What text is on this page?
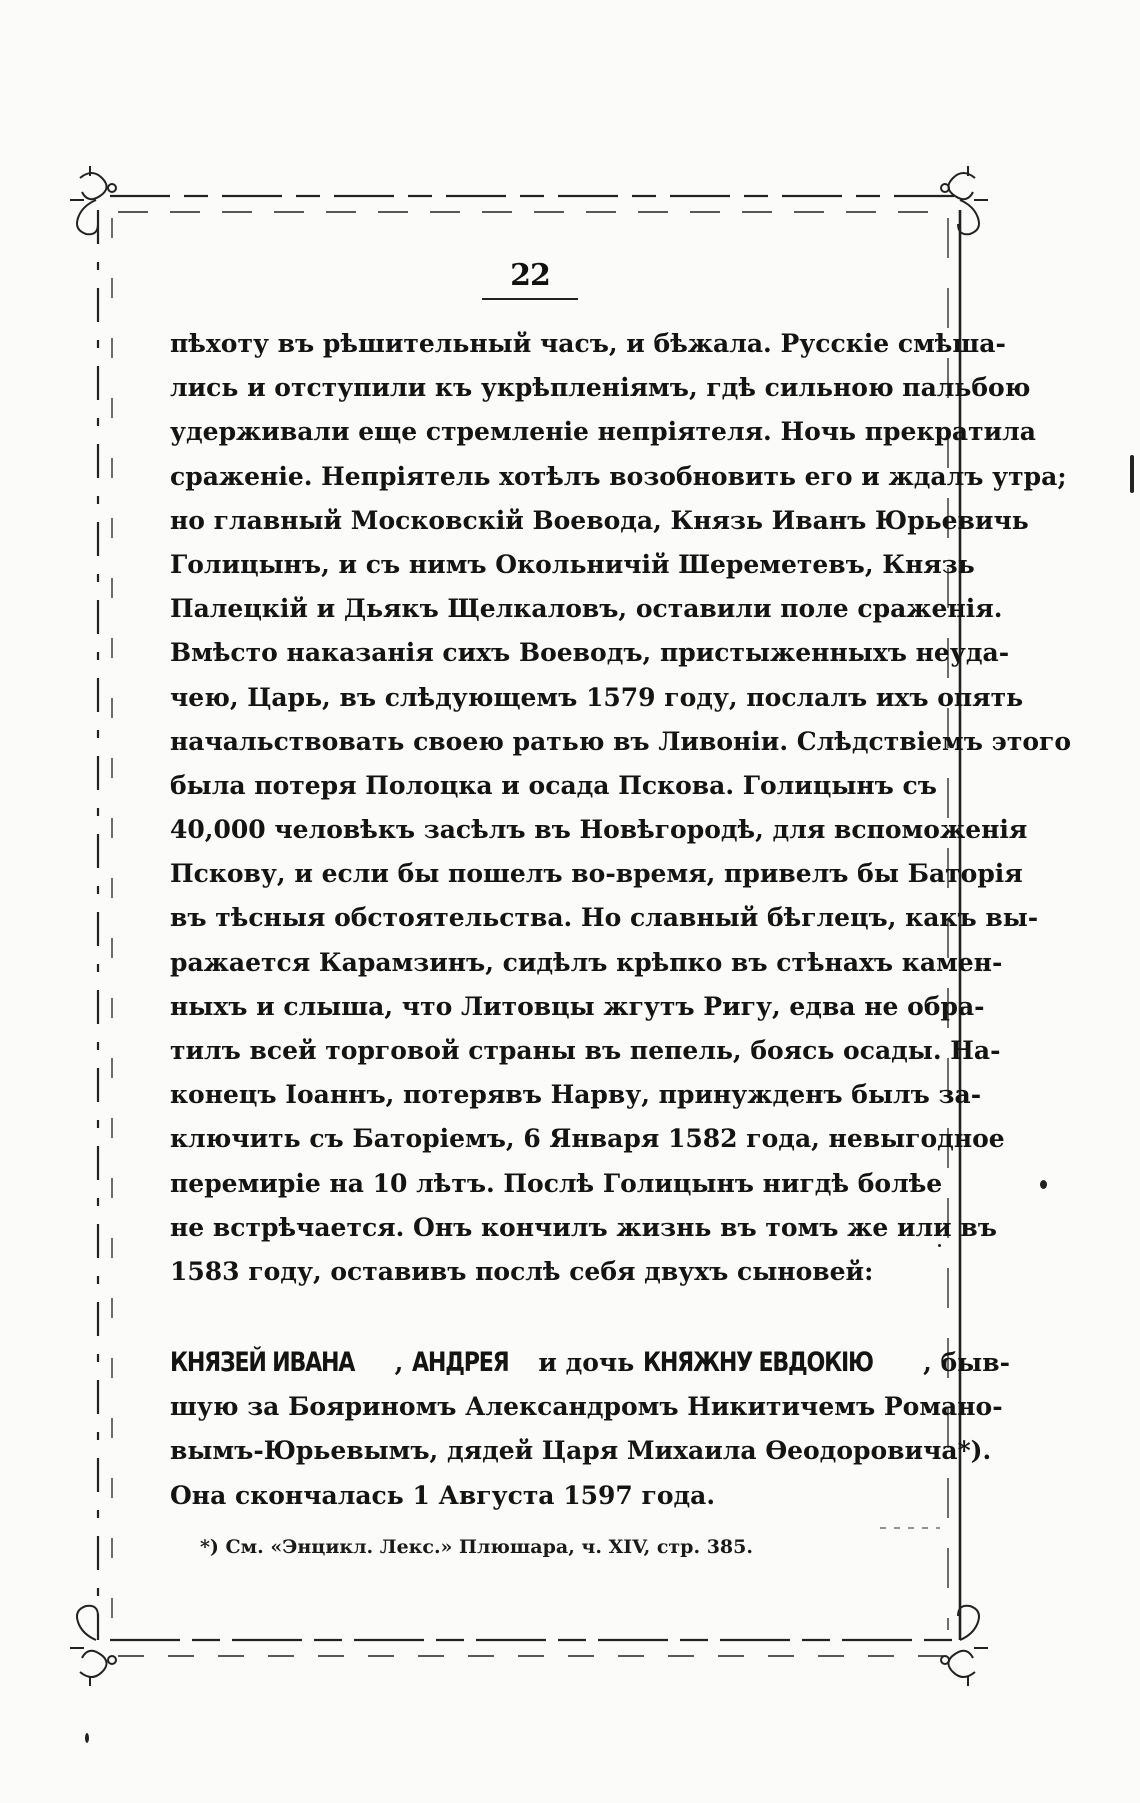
22
пѣхоту въ рѣшительный часъ, и бѣжала. Русскіе смѣша-
лись и отступили къ укрѣпленіямъ, гдѣ сильною пальбою
удерживали еще стремленіе непріятеля. Ночь прекратила
сраженіе. Непріятель хотѣлъ возобновить его и ждалъ утра;
но главный Московскій Воевода, Князь Иванъ Юрьевичь
Голицынъ, и съ нимъ Окольничій Шереметевъ, Князь
Палецкій и Дьякъ Щелкаловъ, оставили поле сраженія.
Вмѣсто наказанія сихъ Воеводъ, пристыженныхъ неуда-
чею, Царь, въ слѣдующемъ 1579 году, послалъ ихъ опять
начальствовать своею ратью въ Ливоніи. Слѣдствіемъ этого
была потеря Полоцка и осада Пскова. Голицынъ съ
40,000 человѣкъ засѣлъ въ Новѣгородѣ, для вспоможенія
Пскову, и если бы пошелъ во-время, привелъ бы Баторія
въ тѣсныя обстоятельства. Но славный бѣглецъ, какъ вы-
ражается Карамзинъ, сидѣлъ крѣпко въ стѣнахъ камен-
ныхъ и слыша, что Литовцы жгутъ Ригу, едва не обра-
тилъ всей торговой страны въ пепель, боясь осады. На-
конецъ Іоаннъ, потерявъ Нарву, принужденъ былъ за-
ключить съ Баторіемъ, 6 Января 1582 года, невыгодное
перемиріе на 10 лѣтъ. Послѣ Голицынъ нигдѣ болѣе
не встрѣчается. Онъ кончилъ жизнь въ томъ же или въ
1583 году, оставивъ послѣ себя двухъ сыновей:
КНЯЗЕЙ ИВАНА , АНДРЕЯ и дочь КНЯЖНУ ЕВДОКІЮ , быв-
шую за Бояриномъ Александромъ Никитичемъ Романо-
вымъ-Юрьевымъ, дядей Царя Михаила Ѳеодоровича*).
Она скончалась 1 Августа 1597 года.
*) См. «Энцикл. Лекс.» Плюшара, ч. XIV, стр. 385.
